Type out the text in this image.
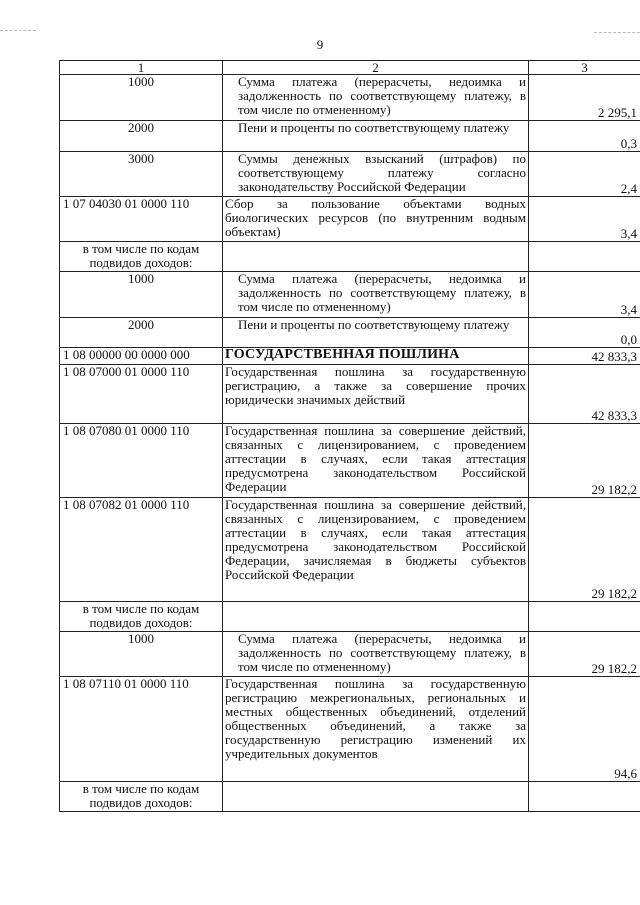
9
1	2	3
1000	Сумма платежа (перерасчеты, недоимка и задолженность по соответствующему платежу, в том числе по отмененному)	2 295,1
2000	Пени и проценты по соответствующему платежу	0,3
3000	Суммы денежных взысканий (штрафов) по соответствующему платежу согласно законодательству Российской Федерации	2,4
1 07 04030 01 0000 110	Сбор за пользование объектами водных биологических ресурсов (по внутренним водным объектам)	3,4
в том числе по кодам подвидов доходов:		
1000	Сумма платежа (перерасчеты, недоимка и задолженность по соответствующему платежу, в том числе по отмененному)	3,4
2000	Пени и проценты по соответствующему платежу	0,0
1 08 00000 00 0000 000	ГОСУДАРСТВЕННАЯ ПОШЛИНА	42 833,3
1 08 07000 01 0000 110	Государственная пошлина за государственную регистрацию, а также за совершение прочих юридически значимых действий	42 833,3
1 08 07080 01 0000 110	Государственная пошлина за совершение действий, связанных с лицензированием, с проведением аттестации в случаях, если такая аттестация предусмотрена законодательством Российской Федерации	29 182,2
1 08 07082 01 0000 110	Государственная пошлина за совершение действий, связанных с лицензированием, с проведением аттестации в случаях, если такая аттестация предусмотрена законодательством Российской Федерации, зачисляемая в бюджеты субъектов Российской Федерации	29 182,2
в том числе по кодам подвидов доходов:		
1000	Сумма платежа (перерасчеты, недоимка и задолженность по соответствующему платежу, в том числе по отмененному)	29 182,2
1 08 07110 01 0000 110	Государственная пошлина за государственную регистрацию межрегиональных, региональных и местных общественных объединений, отделений общественных объединений, а также за государственную регистрацию изменений их учредительных документов	94,6
в том числе по кодам подвидов доходов:		
